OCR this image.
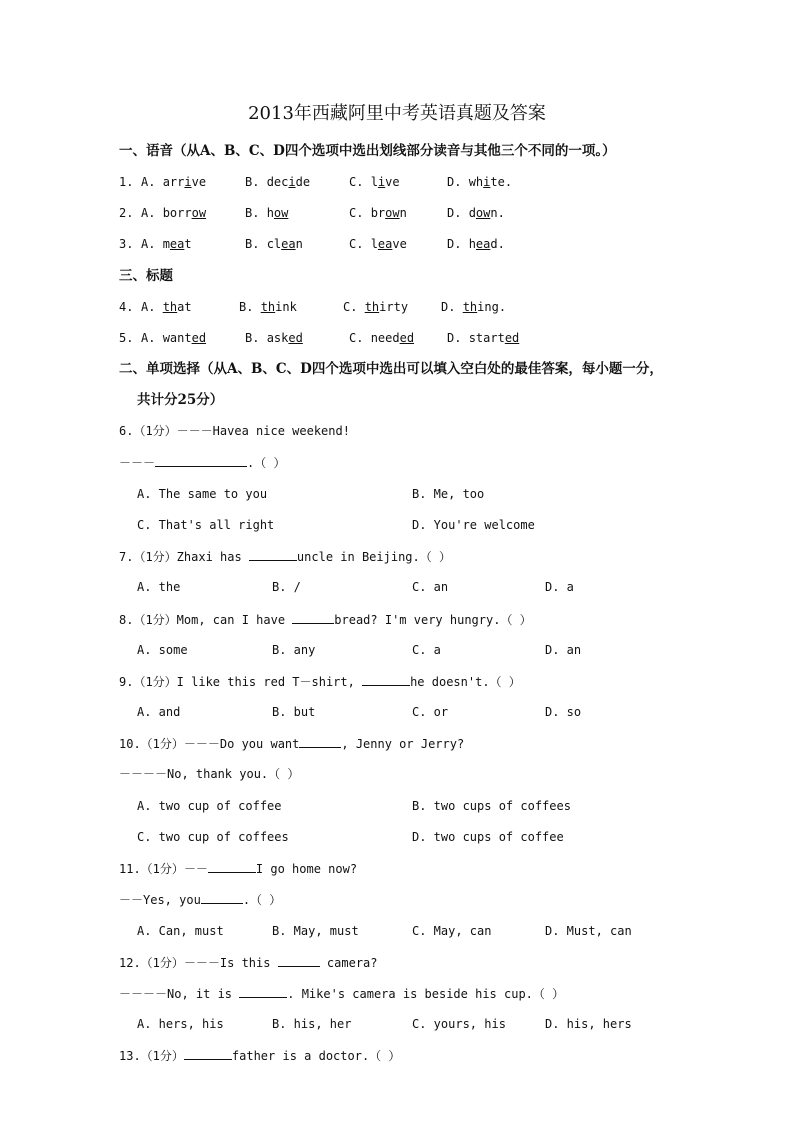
2013年西藏阿里中考英语真题及答案
一、语音（从A、B、C、D四个选项中选出划线部分读音与其他三个不同的一项。）
1. A. arrive	B. decide	C. live	D. white.
2. A. borrow	B. how	C. brown	D. down.
3. A. meat	B. clean	C. leave	D. head.
三、标题
4. A. that	B. think	C. thirty	D. thing.
5. A. wanted	B. asked	C. needed	D. started
二、单项选择（从A、B、C、D四个选项中选出可以填入空白处的最佳答案，每小题一分，
共计分25分）
6.（1分）－－－Havea nice weekend!
－－－	.（ ）
A. The same to you	B. Me, too
C. That's all right	D. You're welcome
7.（1分）Zhaxi has	uncle in Beijing.（ ）
A. the	B. /	C. an	D. a
8.（1分）Mom, can I have	bread? I'm very hungry.（ ）
A. some	B. any	C. a	D. an
9.（1分）I like this red T－shirt,	he doesn't.（ ）
A. and	B. but	C. or	D. so
10.（1分）－－－Do you want	, Jenny or Jerry?
－－－－No, thank you.（ ）
A. two cup of coffee	B. two cups of coffees
C. two cup of coffees	D. two cups of coffee
11.（1分）－－	I go home now?
－－Yes, you	.（ ）
A. Can, must	B. May, must	C. May, can	D. Must, can
12.（1分）－－－Is this	camera?
－－－－No, it is	. Mike's camera is beside his cup.（ ）
A. hers, his	B. his, her	C. yours, his	D. his, hers
13.（1分）	father is a doctor.（ ）
